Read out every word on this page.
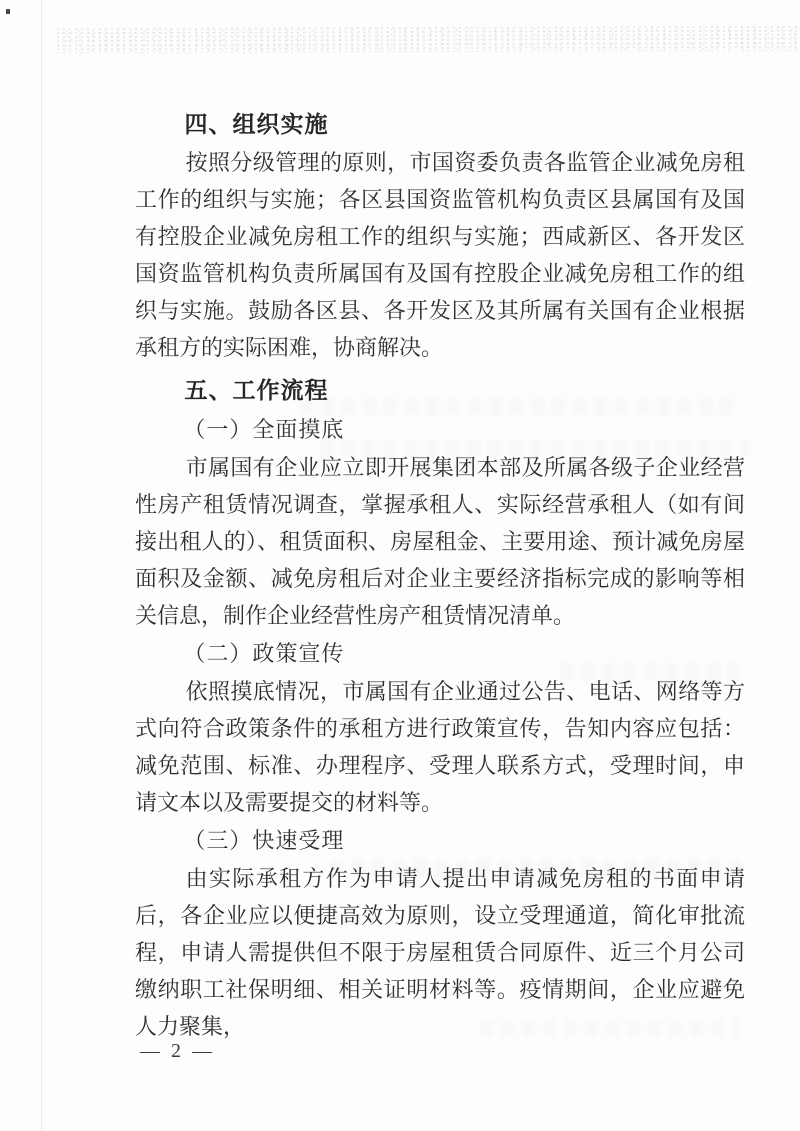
四、组织实施

按照分级管理的原则，市国资委负责各监管企业减免房租工作的组织与实施；各区县国资监管机构负责区县属国有及国有控股企业减免房租工作的组织与实施；西咸新区、各开发区国资监管机构负责所属国有及国有控股企业减免房租工作的组织与实施。鼓励各区县、各开发区及其所属有关国有企业根据承租方的实际困难，协商解决。

五、工作流程
（一）全面摸底

市属国有企业应立即开展集团本部及所属各级子企业经营性房产租赁情况调查，掌握承租人、实际经营承租人（如有间接出租人的）、租赁面积、房屋租金、主要用途、预计减免房屋面积及金额、减免房租后对企业主要经济指标完成的影响等相关信息，制作企业经营性房产租赁情况清单。

（二）政策宣传

依照摸底情况，市属国有企业通过公告、电话、网络等方式向符合政策条件的承租方进行政策宣传，告知内容应包括：减免范围、标准、办理程序、受理人联系方式，受理时间，申请文本以及需要提交的材料等。

（三）快速受理

由实际承租方作为申请人提出申请减免房租的书面申请后，各企业应以便捷高效为原则，设立受理通道，简化审批流程，申请人需提供但不限于房屋租赁合同原件、近三个月公司缴纳职工社保明细、相关证明材料等。疫情期间，企业应避免人力聚集，

— 2 —
